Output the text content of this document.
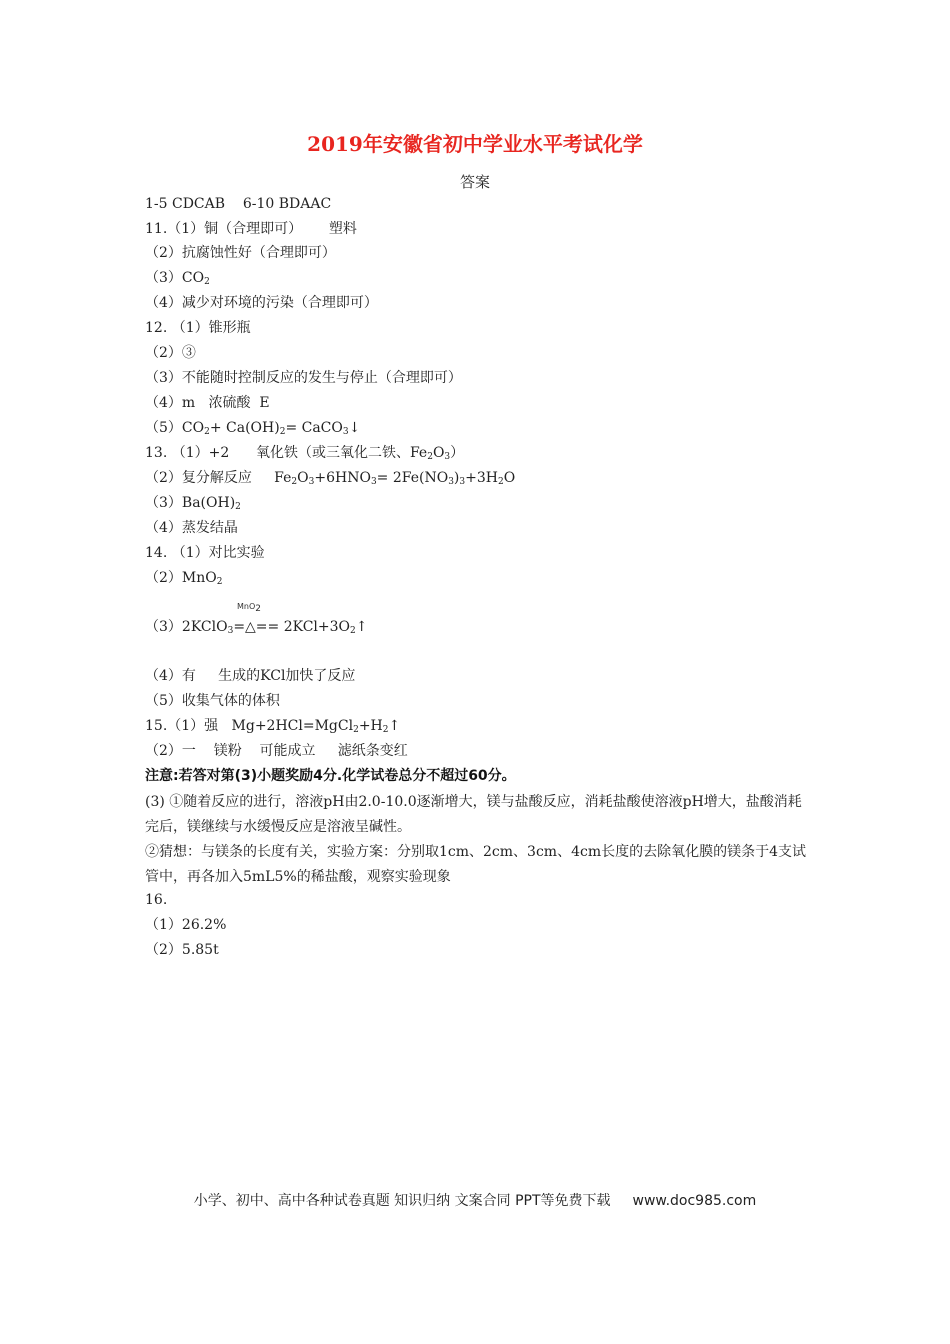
2019年安徽省初中学业水平考试化学
答案
1-5 CDCAB    6-10 BDAAC
11.（1）铜（合理即可）      塑料
（2）抗腐蚀性好（合理即可）
$(3)CO_2$
（4）减少对环境的污染（合理即可）
12. （1）锥形瓶
（2）③
（3）不能随时控制反应的发生与停止（合理即可）
（4）m   浓硫酸  E
$(5)CO_2+ Ca(OH)_2=$ CaCO$_3$↓
13. （1）+2      氧化铁（或三氧化二铁、$Fe_2O_3$）
（2）复分解反应     $Fe_2O_3+6HNO_3= 2Fe(NO_3)_3+3H_2O$
$(3)Ba(OH)_2$
（4）蒸发结晶
14. （1）对比实验
（2）MnO$_2$
MnO$_2$
（3）2KClO$_3$=△== $2KCl+3O_2↑$
（4）有     生成的KCl加快了反应
（5）收集气体的体积
15.（1）强   $Mg+2HCl=MgCl_2+H_2↑$
（2）一    镁粉    可能成立     滤纸条变红
注意:若答对第(3)小题奖励4分.化学试卷总分不超过60分。
(3) ①随着反应的进行，溶液pH由2.0-10.0逐渐增大，镁与盐酸反应，消耗盐酸使溶液pH增大，盐酸消耗完后，镁继续与水缓慢反应是溶液呈碱性。
②猜想：与镁条的长度有关，实验方案：分别取1cm、2cm、3cm、4cm长度的去除氧化膜的镁条于4支试管中，再各加入5mL5%的稀盐酸，观察实验现象
16.
（1）26.2%
（2）5.85t
小学、初中、高中各种试卷真题 知识归纳 文案合同 PPT等免费下载 www.doc985.com
